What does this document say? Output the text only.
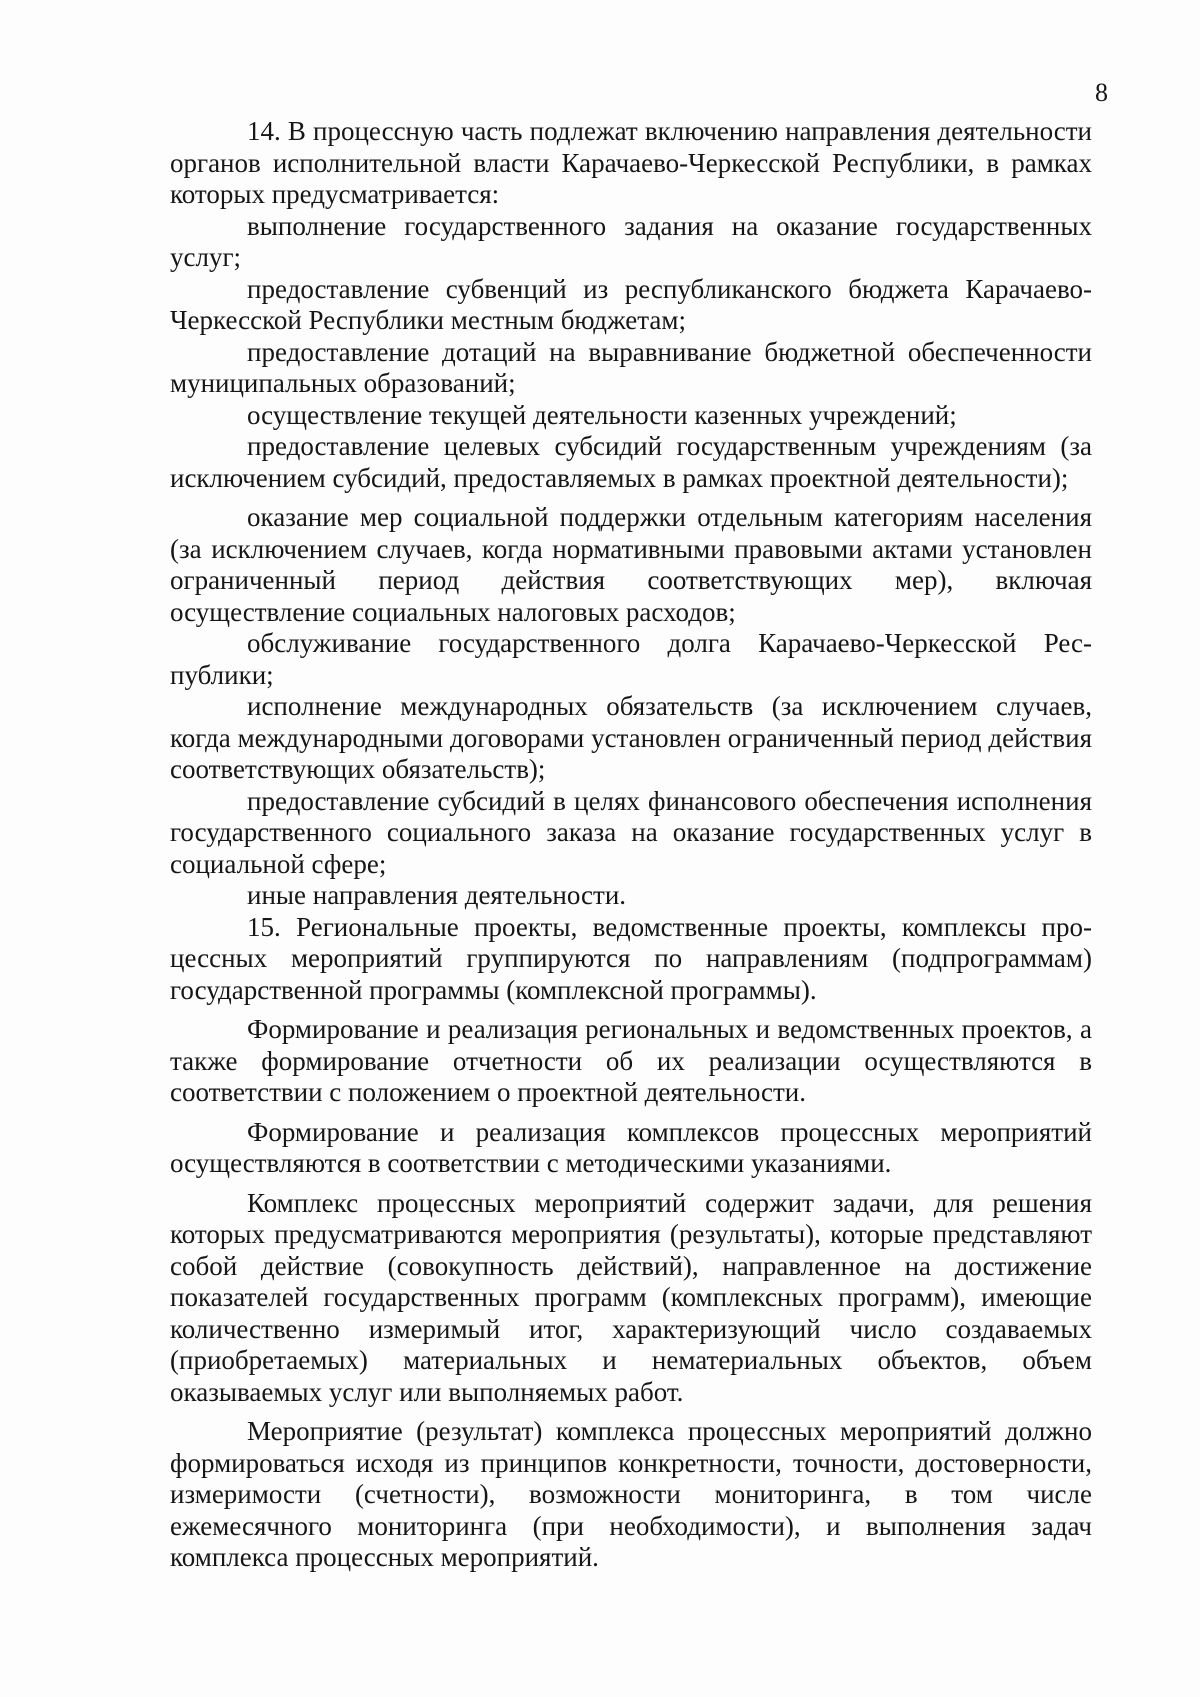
8

14. В процессную часть подлежат включению направления деятельности органов исполнительной власти Карачаево-Черкесской Республики, в рамках которых предусматривается:

выполнение государственного задания на оказание государственных услуг;

предоставление субвенций из республиканского бюджета Карачаево-Черкесской Республики местным бюджетам;

предоставление дотаций на выравнивание бюджетной обеспеченности муниципальных образований;

осуществление текущей деятельности казенных учреждений;

предоставление целевых субсидий государственным учреждениям (за исключением субсидий, предоставляемых в рамках проектной деятельности);

оказание мер социальной поддержки отдельным категориям населения (за исключением случаев, когда нормативными правовыми актами установлен ограниченный период действия соответствующих мер), включая осуществление социальных налоговых расходов;

обслуживание государственного долга Карачаево-Черкесской Республики;

исполнение международных обязательств (за исключением случаев, когда международными договорами установлен ограниченный период действия соответствующих обязательств);

предоставление субсидий в целях финансового обеспечения исполнения государственного социального заказа на оказание государственных услуг в социальной сфере;

иные направления деятельности.

15. Региональные проекты, ведомственные проекты, комплексы процессных мероприятий группируются по направлениям (подпрограммам) государственной программы (комплексной программы).

Формирование и реализация региональных и ведомственных проектов, а также формирование отчетности об их реализации осуществляются в соответствии с положением о проектной деятельности.

Формирование и реализация комплексов процессных мероприятий осуществляются в соответствии с методическими указаниями.

Комплекс процессных мероприятий содержит задачи, для решения которых предусматриваются мероприятия (результаты), которые представляют собой действие (совокупность действий), направленное на достижение показателей государственных программ (комплексных программ), имеющие количественно измеримый итог, характеризующий число создаваемых (приобретаемых) материальных и нематериальных объектов, объем оказываемых услуг или выполняемых работ.

Мероприятие (результат) комплекса процессных мероприятий должно формироваться исходя из принципов конкретности, точности, достоверности, измеримости (счетности), возможности мониторинга, в том числе ежемесячного мониторинга (при необходимости), и выполнения задач комплекса процессных мероприятий.
